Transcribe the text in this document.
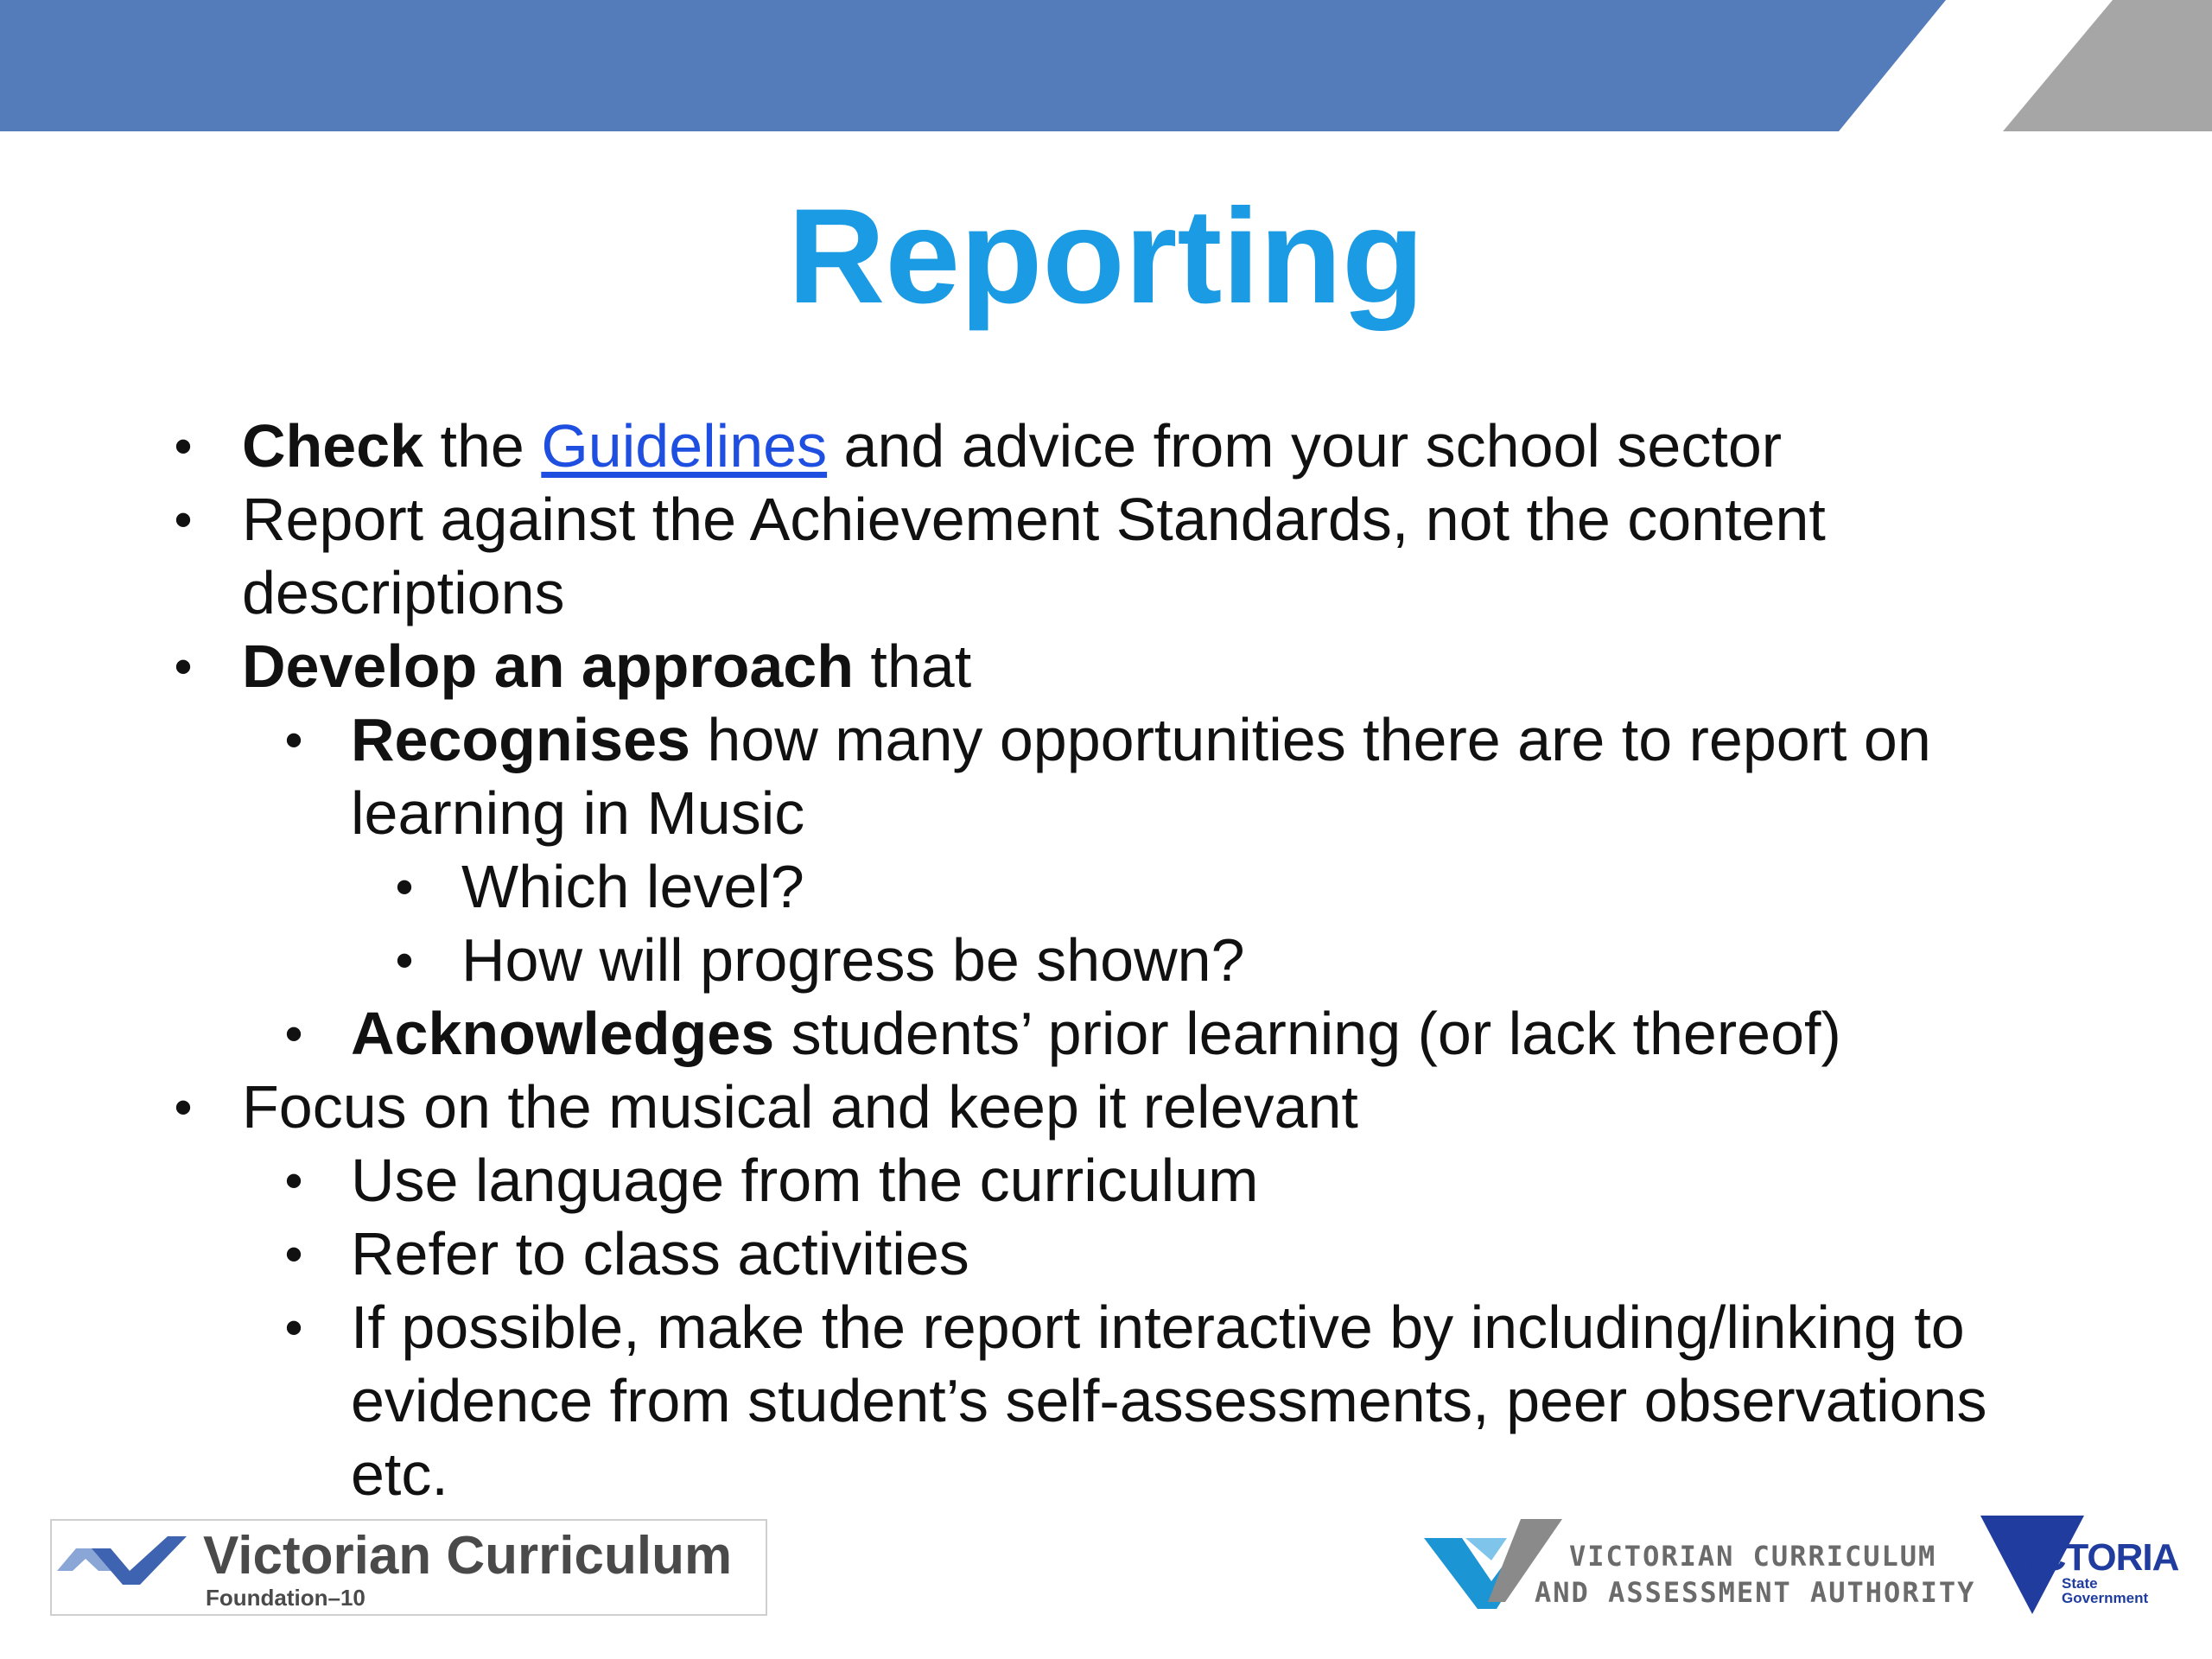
Reporting
• Check the Guidelines and advice from your school sector
• Report against the Achievement Standards, not the content
descriptions
• Develop an approach that
• Recognises how many opportunities there are to report on
learning in Music
• Which level?
• How will progress be shown?
• Acknowledges students’ prior learning (or lack thereof)
• Focus on the musical and keep it relevant
• Use language from the curriculum
• Refer to class activities
• If possible, make the report interactive by including/linking to
evidence from student’s self-assessments, peer observations
etc.
Victorian Curriculum
Foundation–10
VICTORIAN CURRICULUM
AND ASSESSMENT AUTHORITY
VICTORIA
State
Government
